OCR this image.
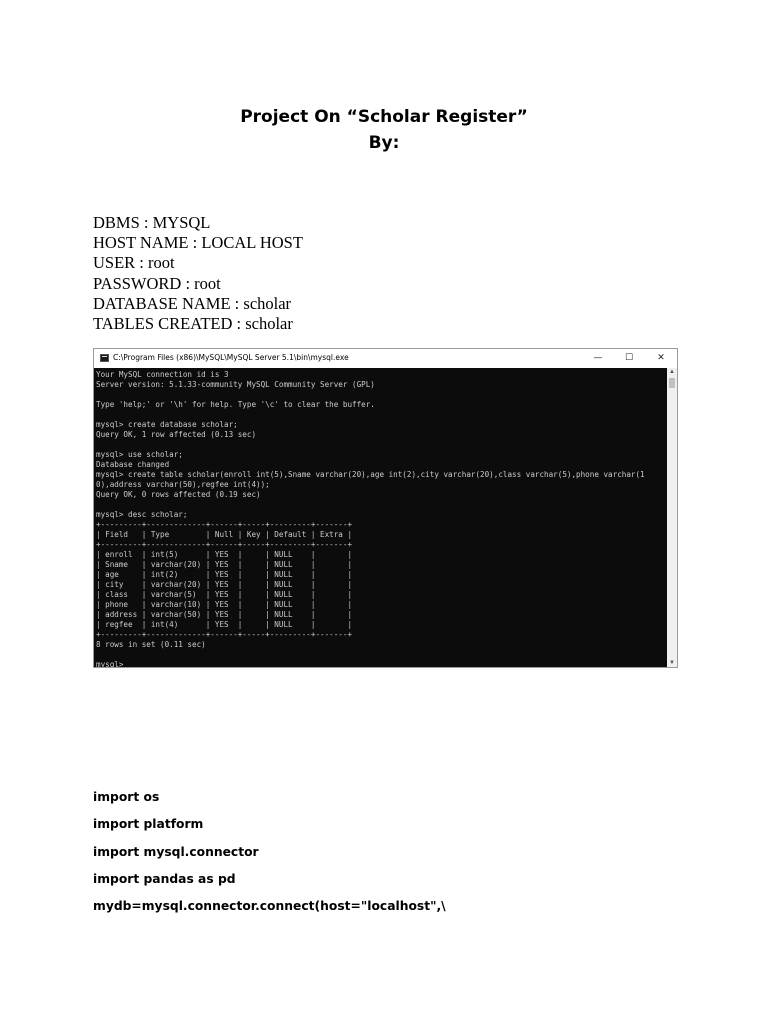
Project On “Scholar Register”
By:
DBMS : MYSQL
HOST NAME : LOCAL HOST
USER : root
PASSWORD : root
DATABASE NAME : scholar
TABLES CREATED : scholar
C:\Program Files (x86)\MySQL\MySQL Server 5.1\bin\mysql.exe	—	☐	✕
Your MySQL connection id is 3
Server version: 5.1.33-community MySQL Community Server (GPL)

Type 'help;' or '\h' for help. Type '\c' to clear the buffer.

mysql> create database scholar;
Query OK, 1 row affected (0.13 sec)

mysql> use scholar;
Database changed
mysql> create table scholar(enroll int(5),Sname varchar(20),age int(2),city varchar(20),class varchar(5),phone varchar(1
0),address varchar(50),regfee int(4));
Query OK, 0 rows affected (0.19 sec)

mysql> desc scholar;
+---------+-------------+------+-----+---------+-------+
| Field   | Type        | Null | Key | Default | Extra |
+---------+-------------+------+-----+---------+-------+
| enroll  | int(5)      | YES  |     | NULL    |       |
| Sname   | varchar(20) | YES  |     | NULL    |       |
| age     | int(2)      | YES  |     | NULL    |       |
| city    | varchar(20) | YES  |     | NULL    |       |
| class   | varchar(5)  | YES  |     | NULL    |       |
| phone   | varchar(10) | YES  |     | NULL    |       |
| address | varchar(50) | YES  |     | NULL    |       |
| regfee  | int(4)      | YES  |     | NULL    |       |
+---------+-------------+------+-----+---------+-------+
8 rows in set (0.11 sec)

mysql>
▲
▼
import os
import platform
import mysql.connector
import pandas as pd
mydb=mysql.connector.connect(host="localhost",\
